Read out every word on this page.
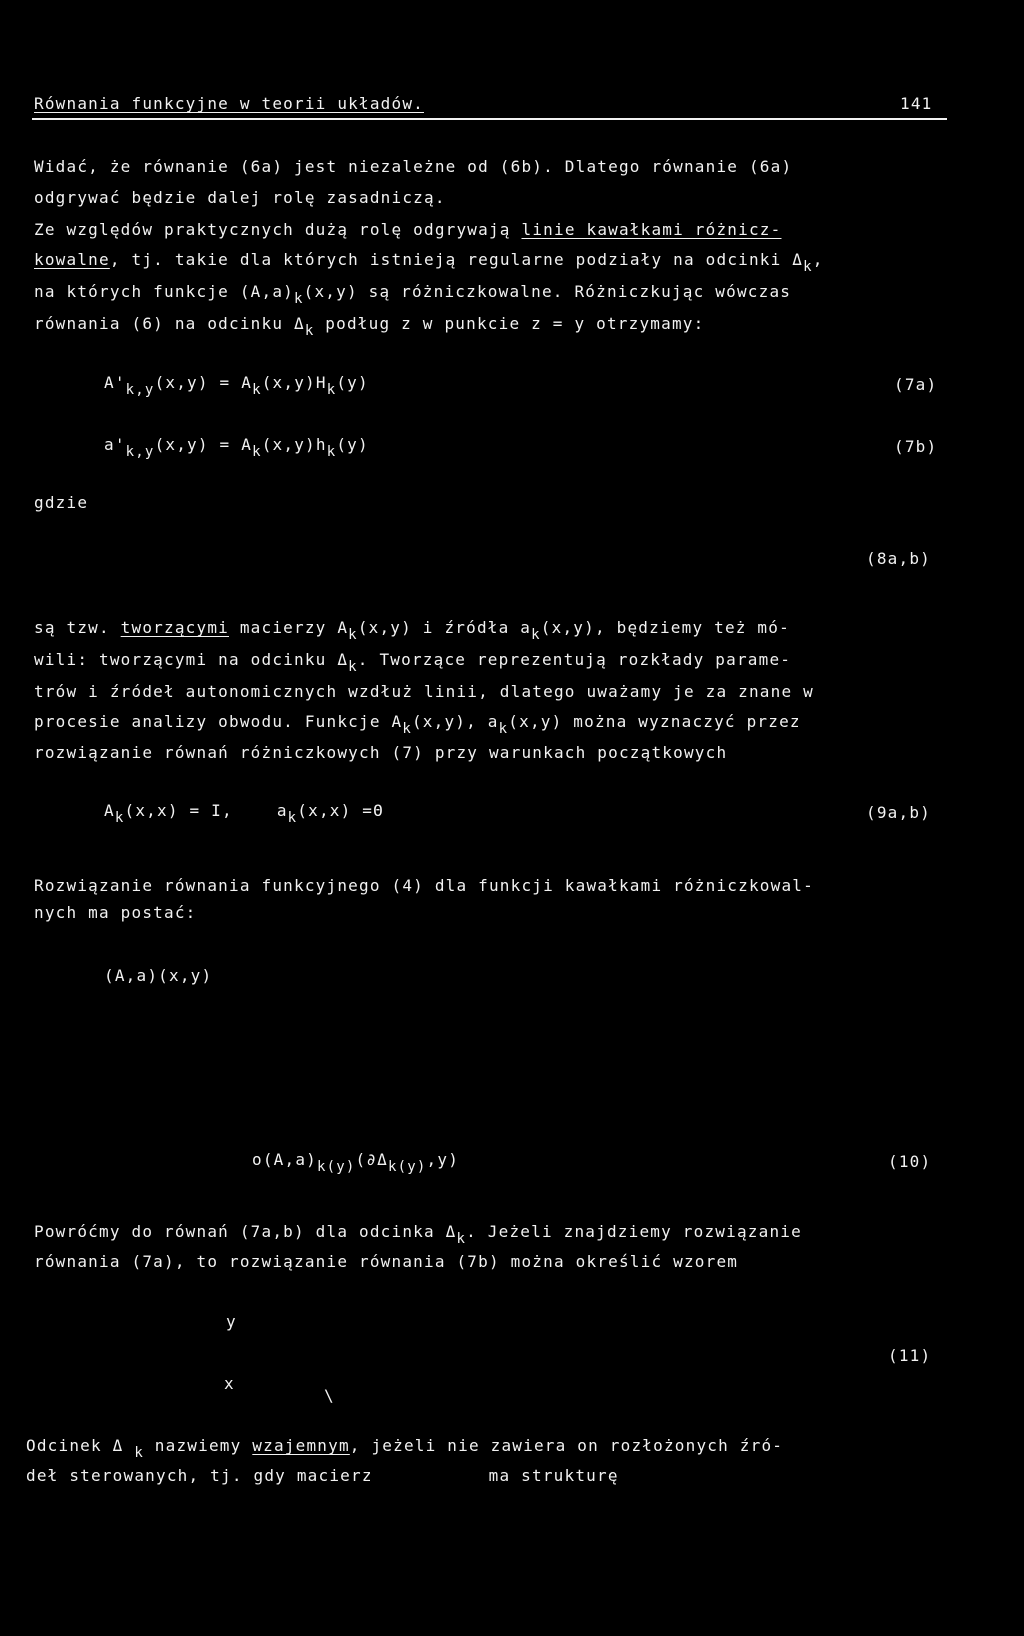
Równania funkcyjne w teorii układów.	141
Widać, że równanie (6a) jest niezależne od (6b). Dlatego równanie (6a)
odgrywać będzie dalej rolę zasadniczą.
Ze względów praktycznych dużą rolę odgrywają linie kawałkami różnicz-
kowalne, tj. takie dla których istnieją regularne podziały na odcinki Δk,
na których funkcje (A,a)k(x,y) są różniczkowalne. Różniczkując wówczas
równania (6) na odcinku Δk podług z w punkcie z = y otrzymamy:
A'k,y(x,y) = Ak(x,y)Hk(y)	(7a)
a'k,y(x,y) = Ak(x,y)hk(y)	(7b)
gdzie
(8a,b)
są tzw. tworzącymi macierzy Ak(x,y) i źródła ak(x,y), będziemy też mó-
wili: tworzącymi na odcinku Δk. Tworzące reprezentują rozkłady parame-
trów i źródeł autonomicznych wzdłuż linii, dlatego uważamy je za znane w
procesie analizy obwodu. Funkcje Ak(x,y), ak(x,y) można wyznaczyć przez
rozwiązanie równań różniczkowych (7) przy warunkach początkowych
Ak(x,x) = I,	ak(x,x) =Θ	(9a,b)
Rozwiązanie równania funkcyjnego (4) dla funkcji kawałkami różniczkowal-
nych ma postać:
(A,a)(x,y)
o(A,a)k(y)(∂Δk(y),y)	(10)
Powróćmy do równań (7a,b) dla odcinka Δk. Jeżeli znajdziemy rozwiązanie
równania (7a), to rozwiązanie równania (7b) można określić wzorem
y
(11)
x
\
Odcinek Δ k nazwiemy wzajemnym, jeżeli nie zawiera on rozłożonych źró-
deł sterowanych, tj. gdy macierz	ma strukturę
